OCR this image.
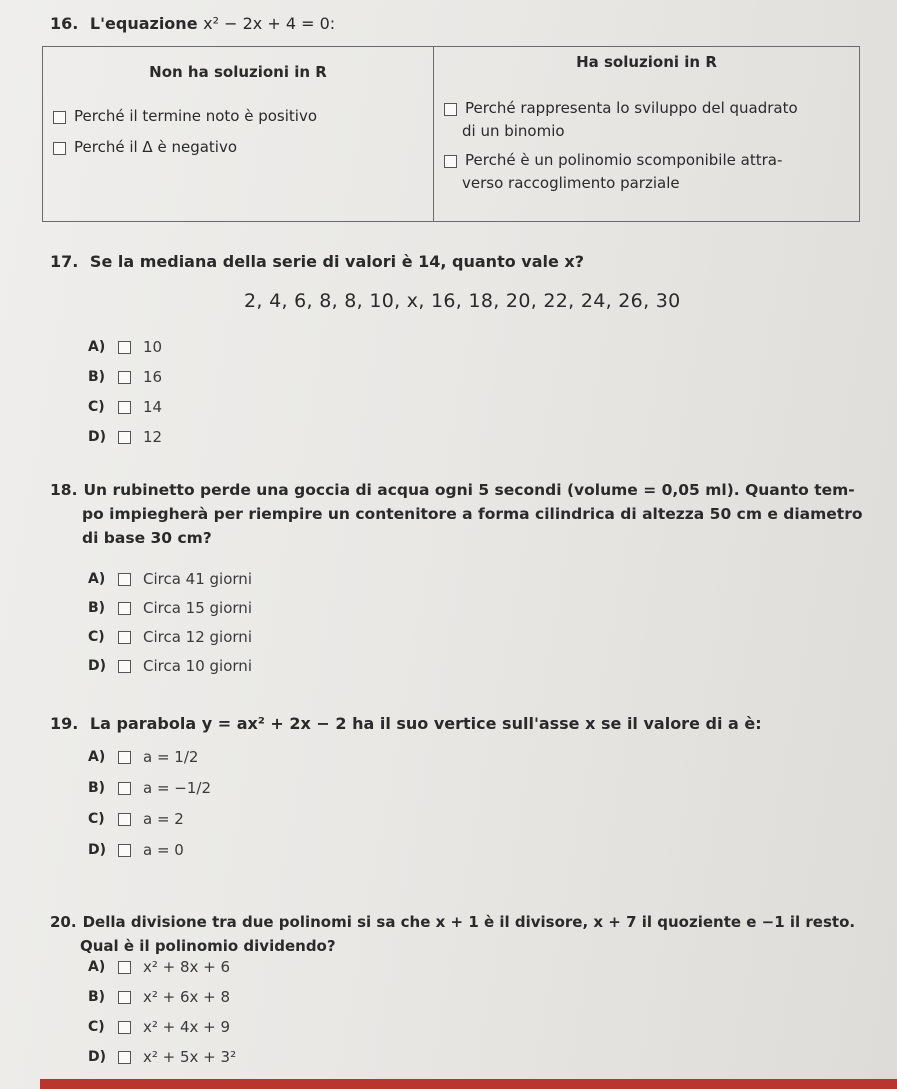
16. L'equazione x² − 2x + 4 = 0:
Non ha soluzioni in R
Perché il termine noto è positivo
Perché il Δ è negativo

Ha soluzioni in R
Perché rappresenta lo sviluppo del quadrato
di un binomio
Perché è un polinomio scomponibile attra-
verso raccoglimento parziale
17. Se la mediana della serie di valori è 14, quanto vale x?
2, 4, 6, 8, 8, 10, x, 16, 18, 20, 22, 24, 26, 30
A)	10
B)	16
C)	14
D)	12
18. Un rubinetto perde una goccia di acqua ogni 5 secondi (volume = 0,05 ml). Quanto tem-
po impiegherà per riempire un contenitore a forma cilindrica di altezza 50 cm e diametro
di base 30 cm?
A)	Circa 41 giorni
B)	Circa 15 giorni
C)	Circa 12 giorni
D)	Circa 10 giorni
19. La parabola y = ax² + 2x − 2 ha il suo vertice sull'asse x se il valore di a è:
A)	a = 1/2
B)	a = −1/2
C)	a = 2
D)	a = 0
20. Della divisione tra due polinomi si sa che x + 1 è il divisore, x + 7 il quoziente e −1 il resto.
Qual è il polinomio dividendo?
A)	x² + 8x + 6
B)	x² + 6x + 8
C)	x² + 4x + 9
D)	x² + 5x + 3²
